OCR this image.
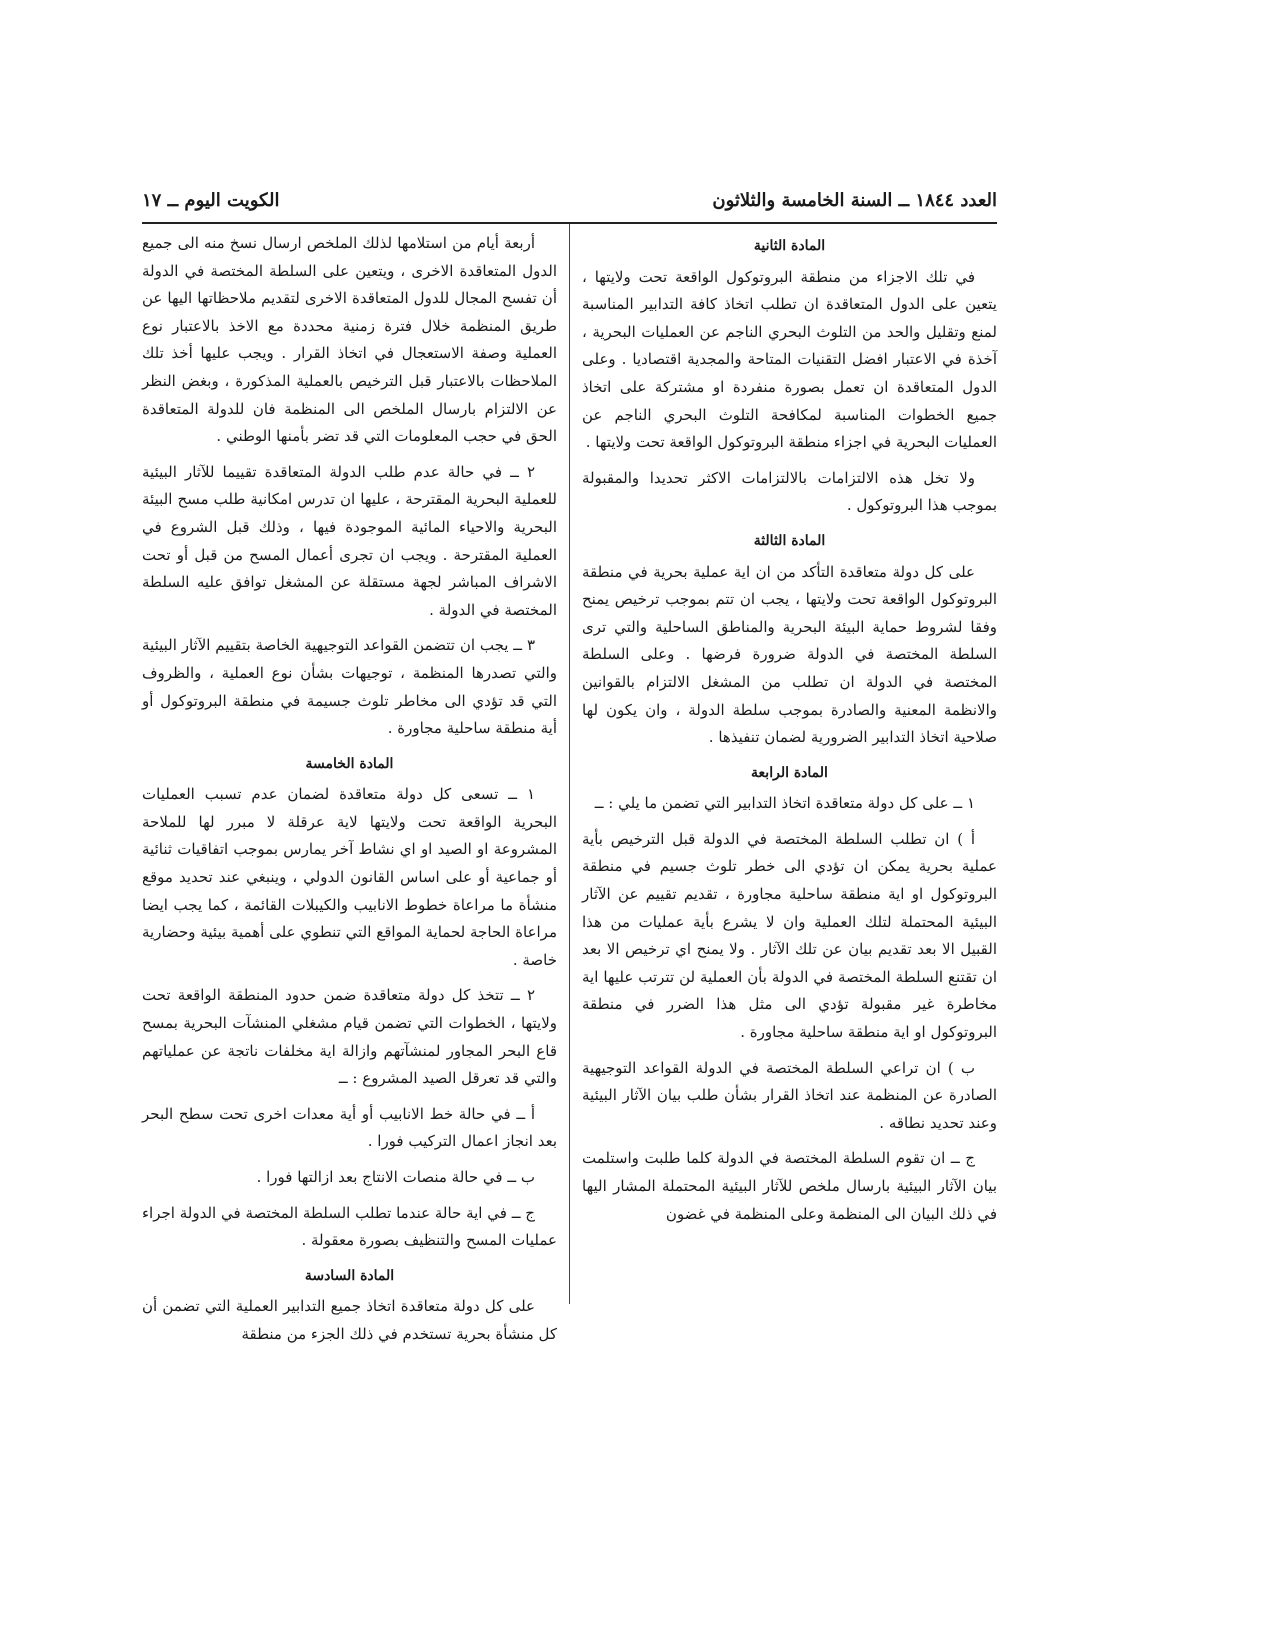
العدد ١٨٤٤ ــ السنة الخامسة والثلاثون
الكويت اليوم ــ ١٧
المادة الثانية

في تلك الاجزاء من منطقة البروتوكول الواقعة تحت ولايتها ، يتعين على الدول المتعاقدة ان تطلب اتخاذ كافة التدابير المناسبة لمنع وتقليل والحد من التلوث البحري الناجم عن العمليات البحرية ، آخذة في الاعتبار افضل التقنيات المتاحة والمجدية اقتصاديا . وعلى الدول المتعاقدة ان تعمل بصورة منفردة او مشتركة على اتخاذ جميع الخطوات المناسبة لمكافحة التلوث البحري الناجم عن العمليات البحرية في اجزاء منطقة البروتوكول الواقعة تحت ولايتها .

ولا تخل هذه الالتزامات بالالتزامات الاكثر تحديدا والمقبولة بموجب هذا البروتوكول .

المادة الثالثة

على كل دولة متعاقدة التأكد من ان اية عملية بحرية في منطقة البروتوكول الواقعة تحت ولايتها ، يجب ان تتم بموجب ترخيص يمنح وفقا لشروط حماية البيئة البحرية والمناطق الساحلية والتي ترى السلطة المختصة في الدولة ضرورة فرضها . وعلى السلطة المختصة في الدولة ان تطلب من المشغل الالتزام بالقوانين والانظمة المعنية والصادرة بموجب سلطة الدولة ، وان يكون لها صلاحية اتخاذ التدابير الضرورية لضمان تنفيذها .

المادة الرابعة

١ ــ على كل دولة متعاقدة اتخاذ التدابير التي تضمن ما يلي : ــ

أ ) ان تطلب السلطة المختصة في الدولة قبل الترخيص بأية عملية بحرية يمكن ان تؤدي الى خطر تلوث جسيم في منطقة البروتوكول او اية منطقة ساحلية مجاورة ، تقديم تقييم عن الآثار البيئية المحتملة لتلك العملية وان لا يشرع بأية عمليات من هذا القبيل الا بعد تقديم بيان عن تلك الآثار . ولا يمنح اي ترخيص الا بعد ان تقتنع السلطة المختصة في الدولة بأن العملية لن تترتب عليها اية مخاطرة غير مقبولة تؤدي الى مثل هذا الضرر في منطقة البروتوكول او اية منطقة ساحلية مجاورة .

ب ) ان تراعي السلطة المختصة في الدولة القواعد التوجيهية الصادرة عن المنظمة عند اتخاذ القرار بشأن طلب بيان الآثار البيئية وعند تحديد نطاقه .

ج ــ ان تقوم السلطة المختصة في الدولة كلما طلبت واستلمت بيان الآثار البيئية بارسال ملخص للآثار البيئية المحتملة المشار اليها في ذلك البيان الى المنظمة وعلى المنظمة في غضون

أربعة أيام من استلامها لذلك الملخص ارسال نسخ منه الى جميع الدول المتعاقدة الاخرى ، ويتعين على السلطة المختصة في الدولة أن تفسح المجال للدول المتعاقدة الاخرى لتقديم ملاحظاتها اليها عن طريق المنظمة خلال فترة زمنية محددة مع الاخذ بالاعتبار نوع العملية وصفة الاستعجال في اتخاذ القرار . ويجب عليها أخذ تلك الملاحظات بالاعتبار قبل الترخيص بالعملية المذكورة ، وبغض النظر عن الالتزام بارسال الملخص الى المنظمة فان للدولة المتعاقدة الحق في حجب المعلومات التي قد تضر بأمنها الوطني .

٢ ــ في حالة عدم طلب الدولة المتعاقدة تقييما للآثار البيئية للعملية البحرية المقترحة ، عليها ان تدرس امكانية طلب مسح البيئة البحرية والاحياء المائية الموجودة فيها ، وذلك قبل الشروع في العملية المقترحة . ويجب ان تجرى أعمال المسح من قبل أو تحت الاشراف المباشر لجهة مستقلة عن المشغل توافق عليه السلطة المختصة في الدولة .

٣ ــ يجب ان تتضمن القواعد التوجيهية الخاصة بتقييم الآثار البيئية والتي تصدرها المنظمة ، توجيهات بشأن نوع العملية ، والظروف التي قد تؤدي الى مخاطر تلوث جسيمة في منطقة البروتوكول أو أية منطقة ساحلية مجاورة .

المادة الخامسة

١ ــ تسعى كل دولة متعاقدة لضمان عدم تسبب العمليات البحرية الواقعة تحت ولايتها لاية عرقلة لا مبرر لها للملاحة المشروعة او الصيد او اي نشاط آخر يمارس بموجب اتفاقيات ثنائية أو جماعية أو على اساس القانون الدولي ، وينبغي عند تحديد موقع منشأة ما مراعاة خطوط الانابيب والكيبلات القائمة ، كما يجب ايضا مراعاة الحاجة لحماية المواقع التي تنطوي على أهمية بيئية وحضارية خاصة .

٢ ــ تتخذ كل دولة متعاقدة ضمن حدود المنطقة الواقعة تحت ولايتها ، الخطوات التي تضمن قيام مشغلي المنشآت البحرية بمسح قاع البحر المجاور لمنشآتهم وازالة اية مخلفات ناتجة عن عملياتهم والتي قد تعرقل الصيد المشروع : ــ

أ ــ في حالة خط الانابيب أو أية معدات اخرى تحت سطح البحر بعد انجاز اعمال التركيب فورا .

ب ــ في حالة منصات الانتاج بعد ازالتها فورا .

ج ــ في اية حالة عندما تطلب السلطة المختصة في الدولة اجراء عمليات المسح والتنظيف بصورة معقولة .

المادة السادسة

على كل دولة متعاقدة اتخاذ جميع التدابير العملية التي تضمن أن كل منشأة بحرية تستخدم في ذلك الجزء من منطقة
